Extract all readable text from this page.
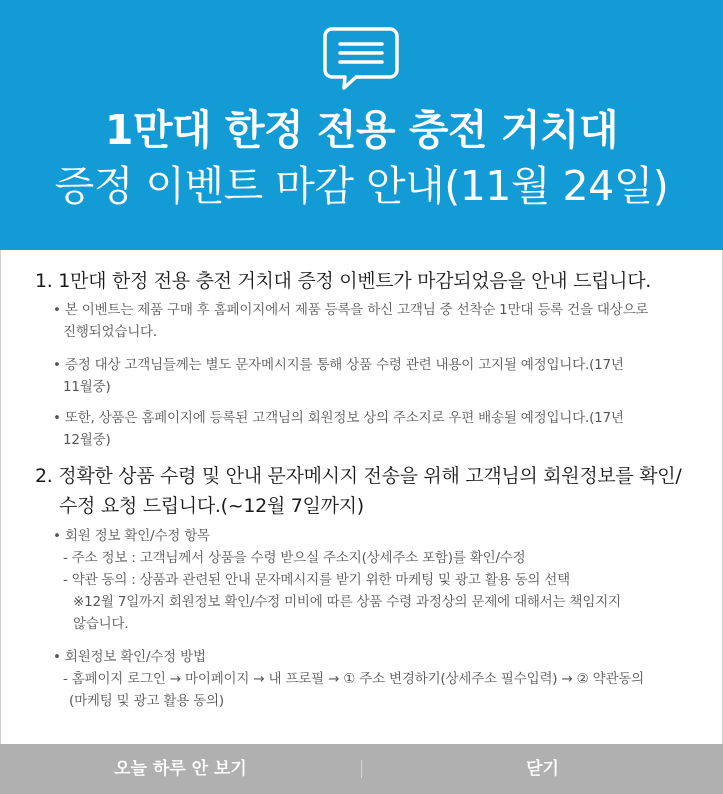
1만대 한정 전용 충전 거치대
증정 이벤트 마감 안내(11월 24일)
1. 1만대 한정 전용 충전 거치대 증정 이벤트가 마감되었음을 안내 드립니다.
• 본 이벤트는 제품 구매 후 홈페이지에서 제품 등록을 하신 고객님 중 선착순 1만대 등록 건을 대상으로
진행되었습니다.
• 증정 대상 고객님들께는 별도 문자메시지를 통해 상품 수령 관련 내용이 고지될 예정입니다.(17년
11월중)
• 또한, 상품은 홈페이지에 등록된 고객님의 회원정보 상의 주소지로 우편 배송될 예정입니다.(17년
12월중)
2. 정확한 상품 수령 및 안내 문자메시지 전송을 위해 고객님의 회원정보를 확인/
수정 요청 드립니다.(~12월 7일까지)
• 회원 정보 확인/수정 항목
- 주소 정보 : 고객님께서 상품을 수령 받으실 주소지(상세주소 포함)를 확인/수정
- 약관 동의 : 상품과 관련된 안내 문자메시지를 받기 위한 마케팅 및 광고 활용 동의 선택
※12월 7일까지 회원정보 확인/수정 미비에 따른 상품 수령 과정상의 문제에 대해서는 책임지지
않습니다.
• 회원정보 확인/수정 방법
- 홈페이지 로그인 → 마이페이지 → 내 프로필 → ① 주소 변경하기(상세주소 필수입력) → ② 약관동의
(마케팅 및 광고 활용 동의)
오늘 하루 안 보기	닫기
